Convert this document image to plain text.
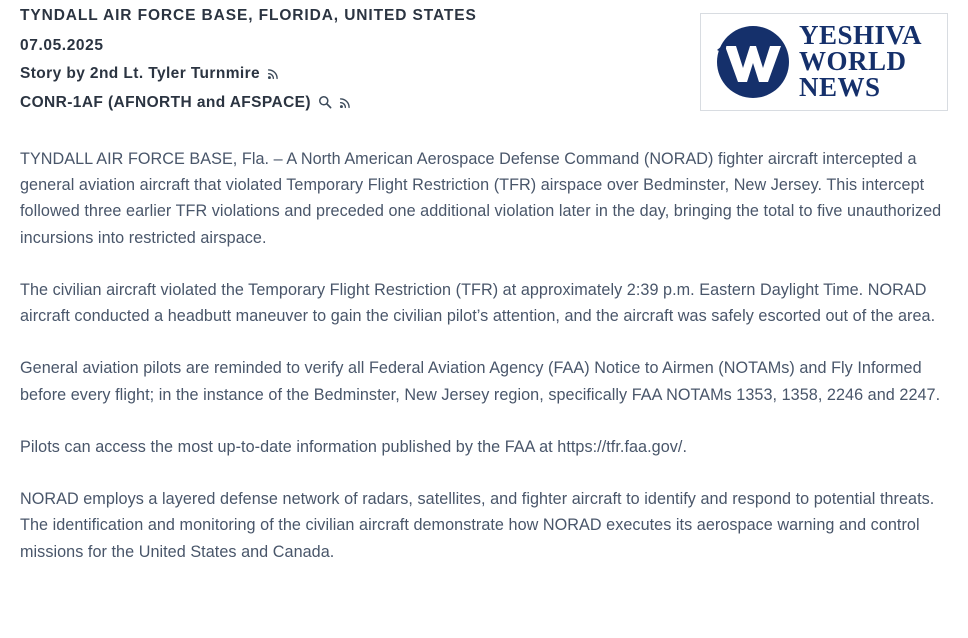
TYNDALL AIR FORCE BASE, FLORIDA, UNITED STATES
07.05.2025
Story by 2nd Lt. Tyler Turnmire
CONR-1AF (AFNORTH and AFSPACE)
YESHIVA
WORLD
NEWS

TYNDALL AIR FORCE BASE, Fla. – A North American Aerospace Defense Command (NORAD) fighter aircraft intercepted a general aviation aircraft that violated Temporary Flight Restriction (TFR) airspace over Bedminster, New Jersey. This intercept followed three earlier TFR violations and preceded one additional violation later in the day, bringing the total to five unauthorized incursions into restricted airspace.

The civilian aircraft violated the Temporary Flight Restriction (TFR) at approximately 2:39 p.m. Eastern Daylight Time. NORAD aircraft conducted a headbutt maneuver to gain the civilian pilot’s attention, and the aircraft was safely escorted out of the area.

General aviation pilots are reminded to verify all Federal Aviation Agency (FAA) Notice to Airmen (NOTAMs) and Fly Informed before every flight; in the instance of the Bedminster, New Jersey region, specifically FAA NOTAMs 1353, 1358, 2246 and 2247.

Pilots can access the most up-to-date information published by the FAA at https://tfr.faa.gov/.

NORAD employs a layered defense network of radars, satellites, and fighter aircraft to identify and respond to potential threats. The identification and monitoring of the civilian aircraft demonstrate how NORAD executes its aerospace warning and control missions for the United States and Canada.
